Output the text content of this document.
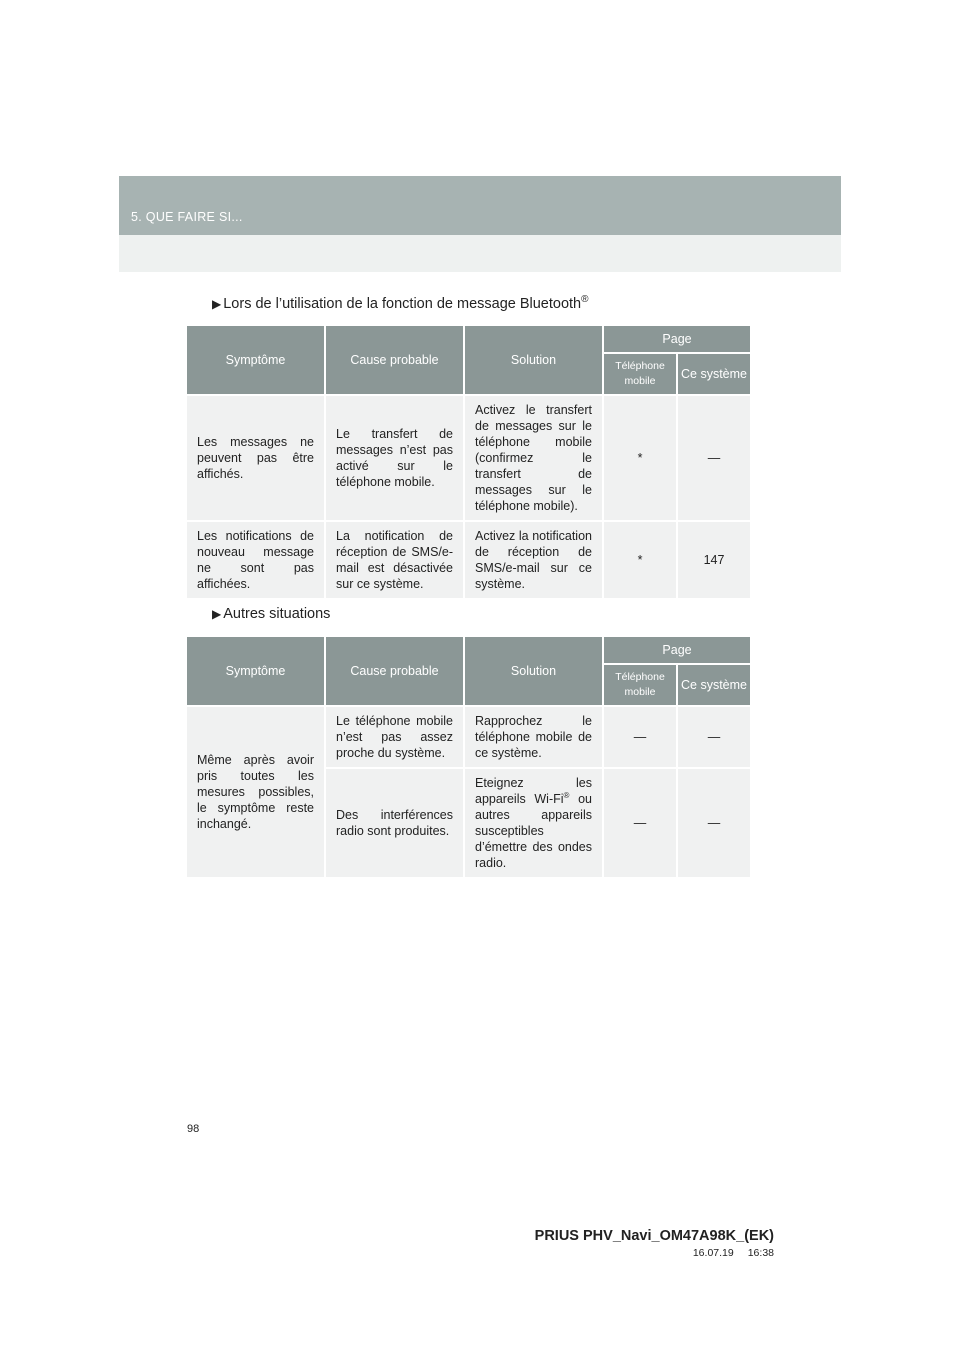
5. QUE FAIRE SI...
▶ Lors de l’utilisation de la fonction de message Bluetooth®
Symptôme	Cause probable	Solution	Page	
			Téléphone mobile	Ce système
Les messages ne peuvent pas être affichés.	Le transfert de messages n’est pas activé sur le téléphone mobile.	Activez le transfert de messages sur le téléphone mobile (confirmez le transfert de messages sur le téléphone mobile).	*	—
Les notifications de nouveau message ne sont pas affichées.	La notification de réception de SMS/e-mail est désactivée sur ce système.	Activez la notification de réception de SMS/e-mail sur ce système.	*	147
▶ Autres situations
Symptôme	Cause probable	Solution	Page	
			Téléphone mobile	Ce système
Même après avoir pris toutes les mesures possibles, le symptôme reste inchangé.	Le téléphone mobile n’est pas assez proche du système.	Rapprochez le téléphone mobile de ce système.	—	—
	Des interférences radio sont produites.	Eteignez les appareils Wi-Fi® ou autres appareils susceptibles d’émettre des ondes radio.	—	—
98
PRIUS PHV_Navi_OM47A98K_(EK)
16.07.19 16:38
